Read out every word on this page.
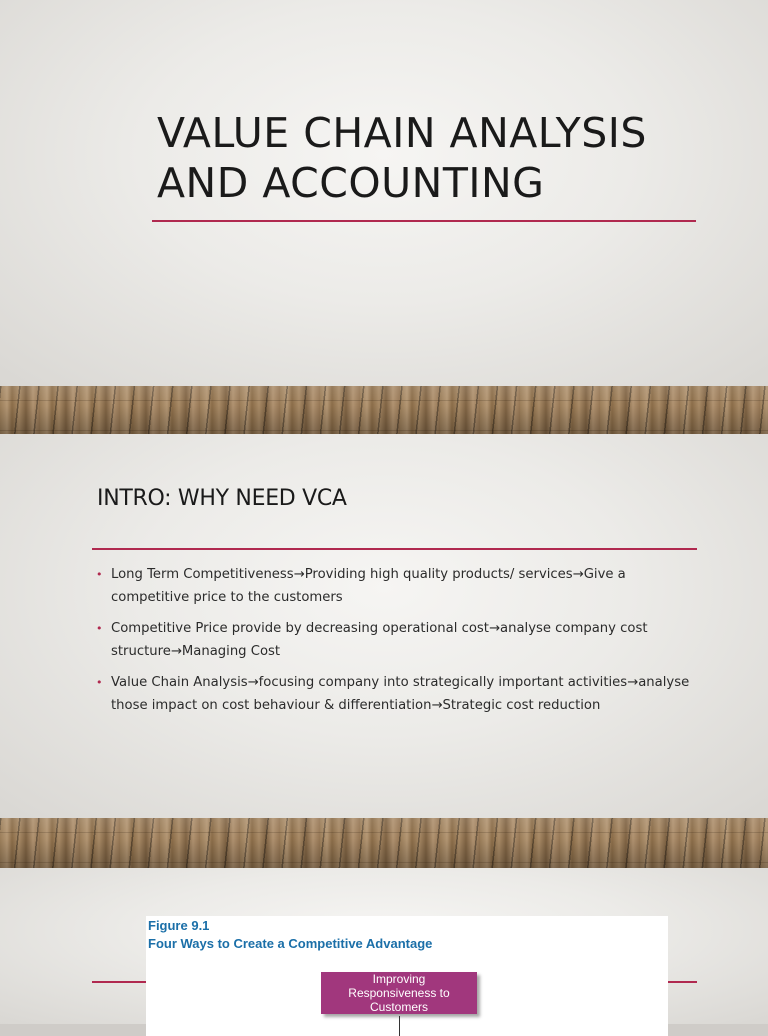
VALUE CHAIN ANALYSIS
AND ACCOUNTING
INTRO: WHY NEED VCA
• Long Term Competitiveness→Providing high quality products/ services→Give a competitive price to the customers
• Competitive Price provide by decreasing operational cost→analyse company cost structure→Managing Cost
• Value Chain Analysis→focusing company into strategically important activities→analyse those impact on cost behaviour & differentiation→Strategic cost reduction

Figure 9.1

Four Ways to Create a Competitive Advantage

Improving Responsiveness to Customers
